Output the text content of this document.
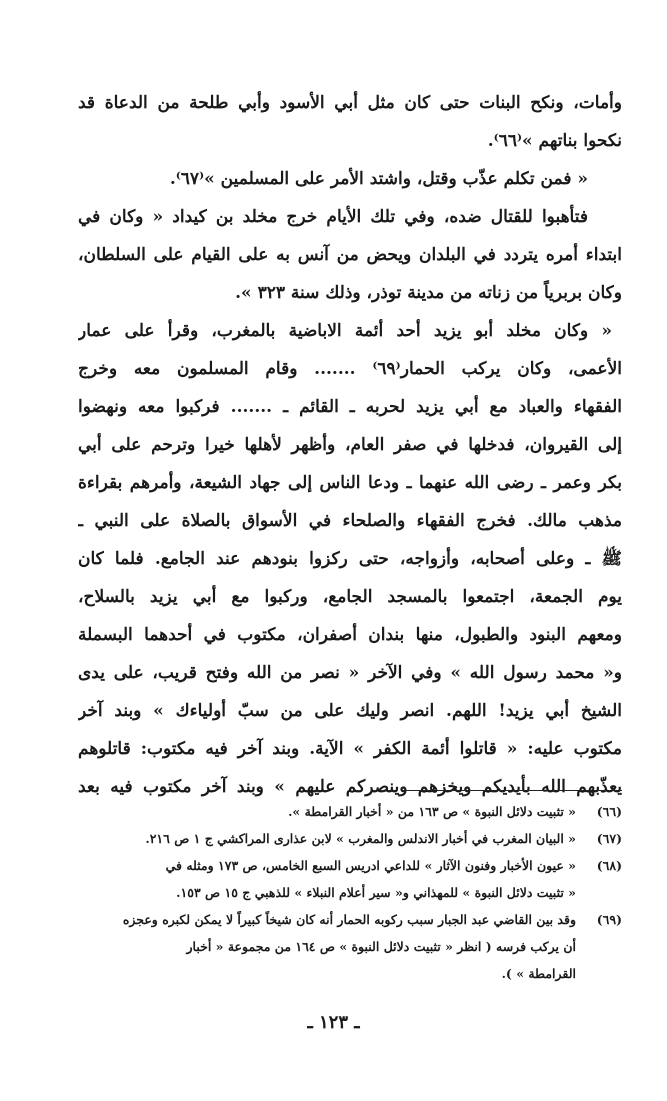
وأمات، ونكح البنات حتى كان مثل أبي الأسود وأبي طلحة من الدعاة قد
نكحوا بناتهم »⁽٦٦⁾.
« فمن تكلم عذّب وقتل، واشتد الأمر على المسلمين »⁽٦٧⁾.
فتأهبوا للقتال ضده، وفي تلك الأيام خرج مخلد بن كيداد « وكان في
ابتداء أمره يتردد في البلدان ويحض من آنس به على القيام على السلطان،
وكان بربرياً من زناته من مدينة توذر، وذلك سنة ٣٢٣ ».
« وكان مخلد أبو يزيد أحد أئمة الاباضية بالمغرب، وقرأ على عمار
الأعمى، وكان يركب الحمار⁽٦٩⁾ ....... وقام المسلمون معه وخرج
الفقهاء والعباد مع أبي يزيد لحربه ـ القائم ـ ....... فركبوا معه ونهضوا
إلى القيروان، فدخلها في صفر العام، وأظهر لأهلها خيرا وترحم على أبي
بكر وعمر ـ رضى الله عنهما ـ ودعا الناس إلى جهاد الشيعة، وأمرهم بقراءة
مذهب مالك. فخرج الفقهاء والصلحاء في الأسواق بالصلاة على النبي ـ
ﷺ ـ وعلى أصحابه، وأزواجه، حتى ركزوا بنودهم عند الجامع. فلما كان
يوم الجمعة، اجتمعوا بالمسجد الجامع، وركبوا مع أبي يزيد بالسلاح،
ومعهم البنود والطبول، منها بندان أصفران، مكتوب في أحدهما البسملة
و« محمد رسول الله » وفي الآخر « نصر من الله وفتح قريب، على يدى
الشيخ أبي يزيد! اللهم. انصر وليك على من سبّ أولياءك » وبند آخر
مكتوب عليه: « قاتلوا أئمة الكفر » الآية. وبند آخر فيه مكتوب: قاتلوهم
يعذّبهم الله بأيديكم ويخزهم وينصركم عليهم » وبند آخر مكتوب فيه بعد
(٦٦)« تثبيت دلائل النبوة » ص ١٦٣ من « أخبار القرامطة ».
(٦٧)« البيان المغرب في أخبار الاندلس والمغرب » لابن عذارى المراكشي ج ١ ص ٢١٦.
(٦٨)« عيون الأخبار وفنون الآثار » للداعي ادريس السبع الخامس، ص ١٧٣ ومثله في
« تثبيت دلائل النبوة » للمهذاني و« سير أعلام النبلاء » للذهبي ج ١٥ ص ١٥٣.
(٦٩)وقد بين القاضي عبد الجبار سبب ركوبه الحمار أنه كان شيخاً كبيراً لا يمكن لكبره وعجزه
أن يركب فرسه ( انظر « تثبيت دلائل النبوة » ص ١٦٤ من مجموعة « أخبار
القرامطة » ).
ـ ١٢٣ ـ
